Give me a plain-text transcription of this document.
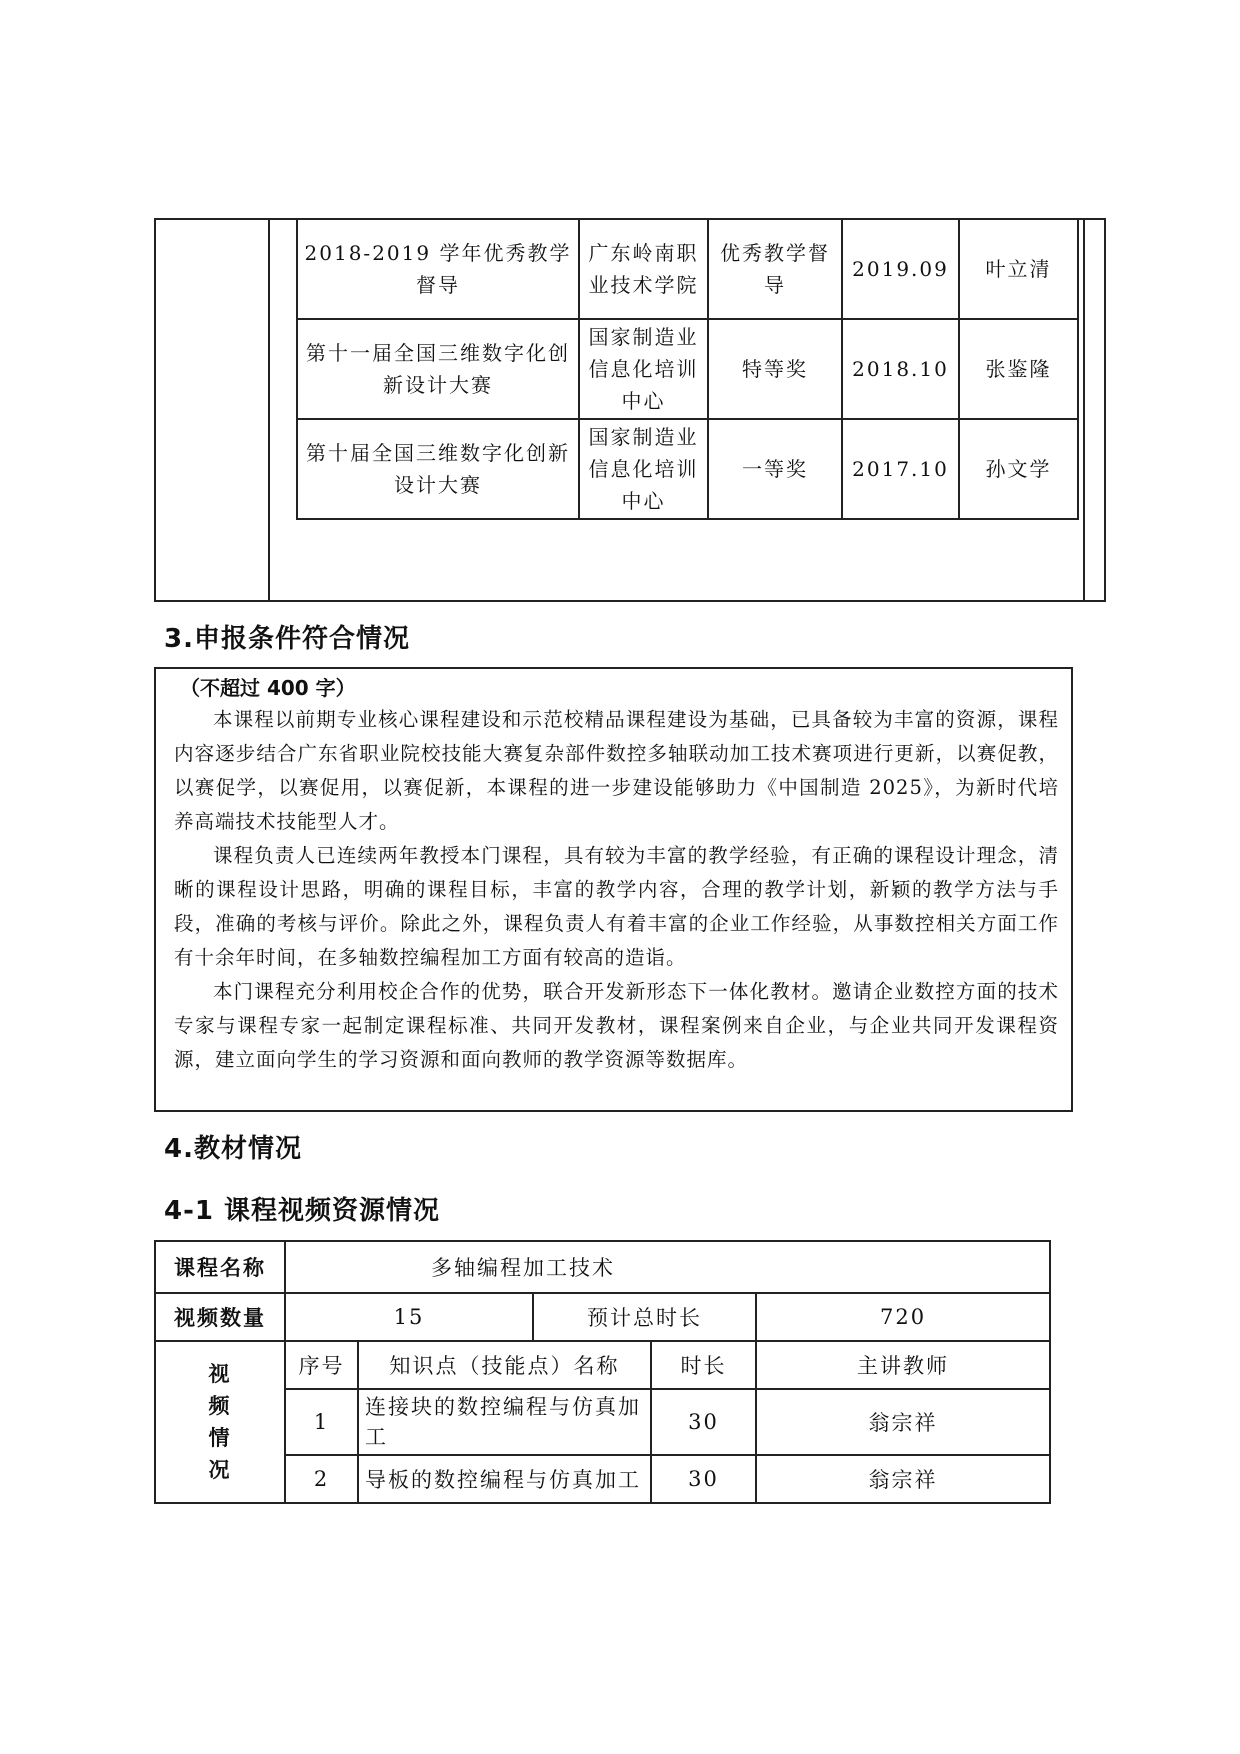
2018-2019 学年优秀教学督导	广东岭南职业技术学院	优秀教学督导	2019.09	叶立清
第十一届全国三维数字化创新设计大赛	国家制造业信息化培训中心	特等奖	2018.10	张鉴隆
第十届全国三维数字化创新设计大赛	国家制造业信息化培训中心	一等奖	2017.10	孙文学
3.申报条件符合情况
（不超过 400 字）

本课程以前期专业核心课程建设和示范校精品课程建设为基础，已具备较为丰富的资源，课程内容逐步结合广东省职业院校技能大赛复杂部件数控多轴联动加工技术赛项进行更新，以赛促教，以赛促学，以赛促用，以赛促新，本课程的进一步建设能够助力《中国制造 2025》，为新时代培养高端技术技能型人才。

课程负责人已连续两年教授本门课程，具有较为丰富的教学经验，有正确的课程设计理念，清晰的课程设计思路，明确的课程目标，丰富的教学内容，合理的教学计划，新颖的教学方法与手段，准确的考核与评价。除此之外，课程负责人有着丰富的企业工作经验，从事数控相关方面工作有十余年时间，在多轴数控编程加工方面有较高的造诣。

本门课程充分利用校企合作的优势，联合开发新形态下一体化教材。邀请企业数控方面的技术专家与课程专家一起制定课程标准、共同开发教材，课程案例来自企业，与企业共同开发课程资源，建立面向学生的学习资源和面向教师的教学资源等数据库。

4.教材情况
4-1 课程视频资源情况
课程名称	多轴编程加工技术				
视频数量	15		预计总时长		720

视
频
情
况	序号	知识点（技能点）名称		时长	主讲教师
	1	连接块的数控编程与仿真加工		30	翁宗祥
	2	导板的数控编程与仿真加工		30	翁宗祥
